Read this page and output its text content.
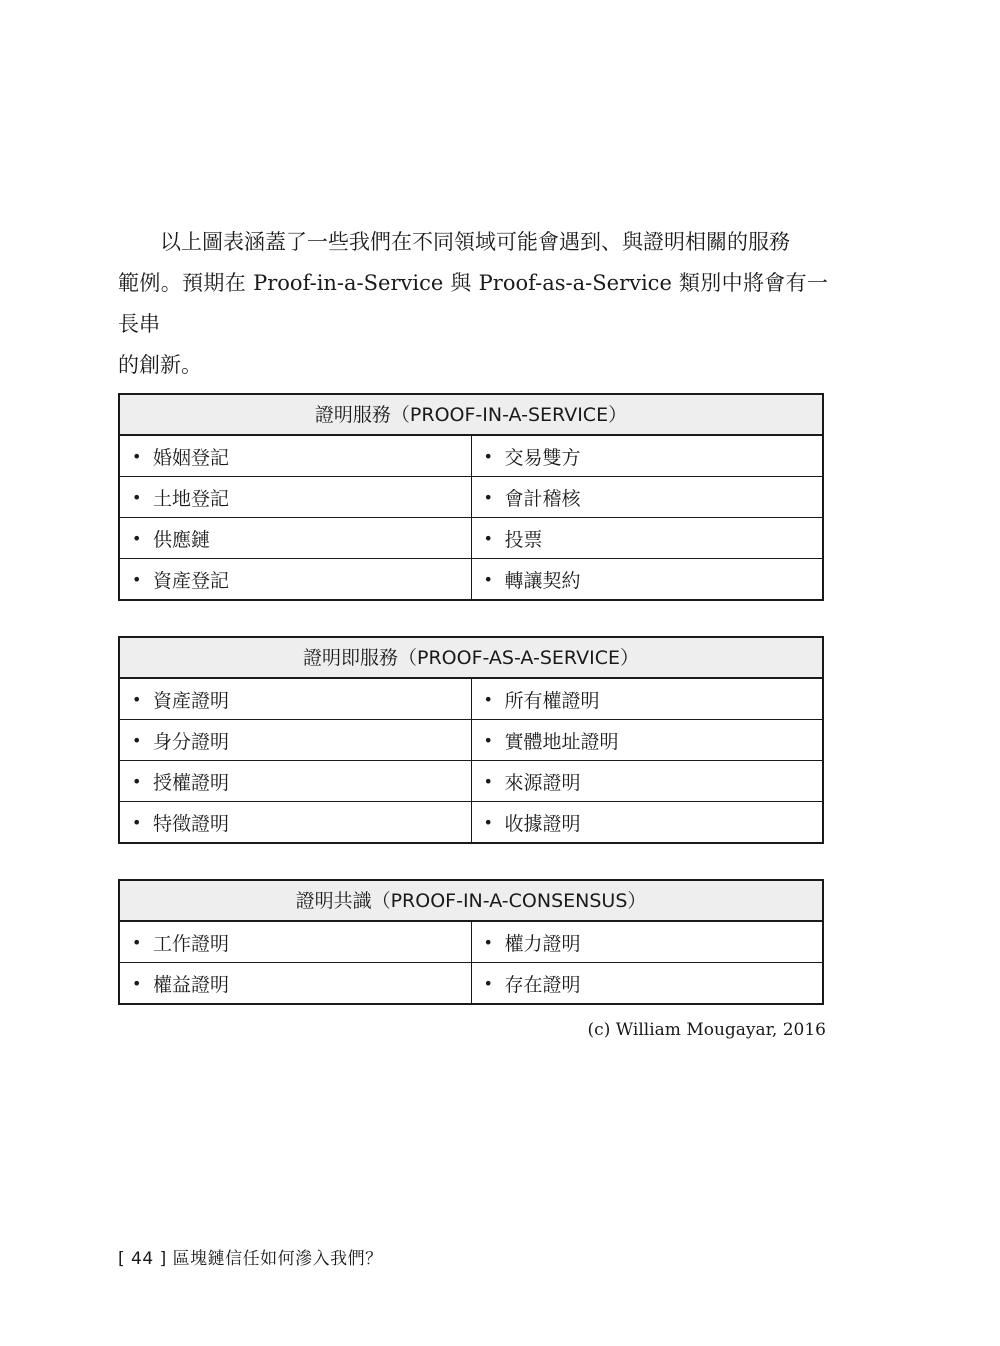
以上圖表涵蓋了一些我們在不同領域可能會遇到、與證明相關的服務
範例。預期在 Proof-in-a-Service 與 Proof-as-a-Service 類別中將會有一長串
的創新。

證明服務（PROOF-IN-A-SERVICE）
• 婚姻登記	• 交易雙方
• 土地登記	• 會計稽核
• 供應鏈	• 投票
• 資產登記	• 轉讓契約
證明即服務（PROOF-AS-A-SERVICE）
• 資產證明	• 所有權證明
• 身分證明	• 實體地址證明
• 授權證明	• 來源證明
• 特徵證明	• 收據證明
證明共識（PROOF-IN-A-CONSENSUS）
• 工作證明	• 權力證明
• 權益證明	• 存在證明
(c) William Mougayar, 2016
[ 44 ] 區塊鏈信任如何滲入我們？
